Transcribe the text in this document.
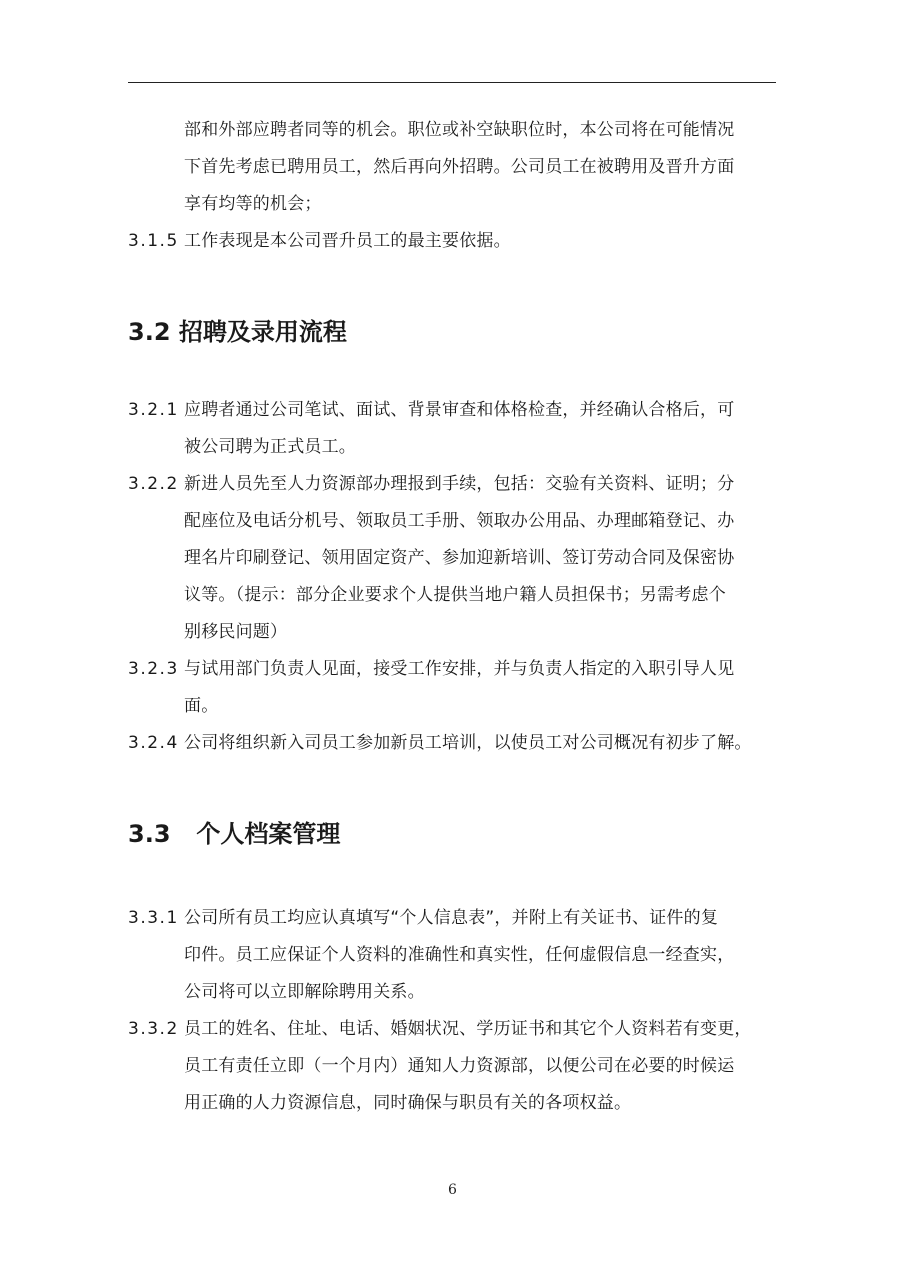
部和外部应聘者同等的机会。职位或补空缺职位时，本公司将在可能情况
下首先考虑已聘用员工，然后再向外招聘。公司员工在被聘用及晋升方面
享有均等的机会；
3.1.5 工作表现是本公司晋升员工的最主要依据。
3.2 招聘及录用流程
3.2.1 应聘者通过公司笔试、面试、背景审查和体格检查，并经确认合格后，可
被公司聘为正式员工。
3.2.2 新进人员先至人力资源部办理报到手续，包括：交验有关资料、证明；分
配座位及电话分机号、领取员工手册、领取办公用品、办理邮箱登记、办
理名片印刷登记、领用固定资产、参加迎新培训、签订劳动合同及保密协
议等。（提示：部分企业要求个人提供当地户籍人员担保书；另需考虑个
别移民问题）
3.2.3 与试用部门负责人见面，接受工作安排，并与负责人指定的入职引导人见
面。
3.2.4 公司将组织新入司员工参加新员工培训，以使员工对公司概况有初步了解。
3.3 个人档案管理
3.3.1 公司所有员工均应认真填写“个人信息表”，并附上有关证书、证件的复
印件。员工应保证个人资料的准确性和真实性，任何虚假信息一经查实，
公司将可以立即解除聘用关系。
3.3.2 员工的姓名、住址、电话、婚姻状况、学历证书和其它个人资料若有变更，
员工有责任立即（一个月内）通知人力资源部，以便公司在必要的时候运
用正确的人力资源信息，同时确保与职员有关的各项权益。
6
